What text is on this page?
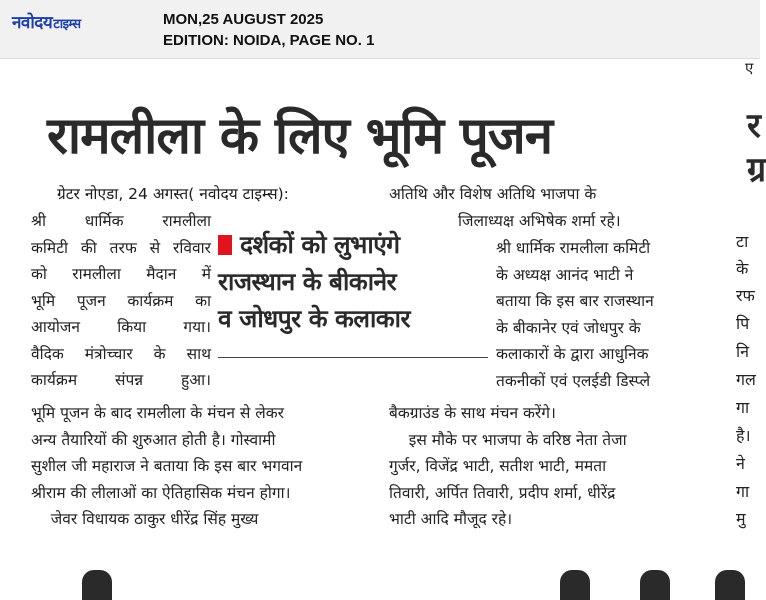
नवोदयटाइम्स	MON,25 AUGUST 2025
EDITION: NOIDA, PAGE NO. 1
रामलीला के लिए भूमि पूजन
ग्रेटर नोएडा, 24 अगस्त( नवोदय टाइम्स):

श्री धार्मिक रामलीला

कमिटी की तरफ से रविवार

को रामलीला मैदान में

भूमि पूजन कार्यक्रम का

आयोजन किया गया।

वैदिक मंत्रोच्चार के साथ

कार्यक्रम संपन्न हुआ।

दर्शकों को लुभाएंगे
राजस्थान के बीकानेर
व जोधपुर के कलाकार

भूमि पूजन के बाद रामलीला के मंचन से लेकर

अन्य तैयारियों की शुरुआत होती है। गोस्वामी

सुशील जी महाराज ने बताया कि इस बार भगवान

श्रीराम की लीलाओं का ऐतिहासिक मंचन होगा।

जेवर विधायक ठाकुर धीरेंद्र सिंह मुख्य

अतिथि और विशेष अतिथि भाजपा के

जिलाध्यक्ष अभिषेक शर्मा रहे।

श्री धार्मिक रामलीला कमिटी

के अध्यक्ष आनंद भाटी ने

बताया कि इस बार राजस्थान

के बीकानेर एवं जोधपुर के

कलाकारों के द्वारा आधुनिक

तकनीकों एवं एलईडी डिस्प्ले

बैकग्राउंड के साथ मंचन करेंगे।

इस मौके पर भाजपा के वरिष्ठ नेता तेजा

गुर्जर, विजेंद्र भाटी, सतीश भाटी, ममता

तिवारी, अर्पित तिवारी, प्रदीप शर्मा, धीरेंद्र

भाटी आदि मौजूद रहे।

ए
र
ग्र
टा
के
रफ
पि
नि
गल
गा
है।
ने
गा
मु
